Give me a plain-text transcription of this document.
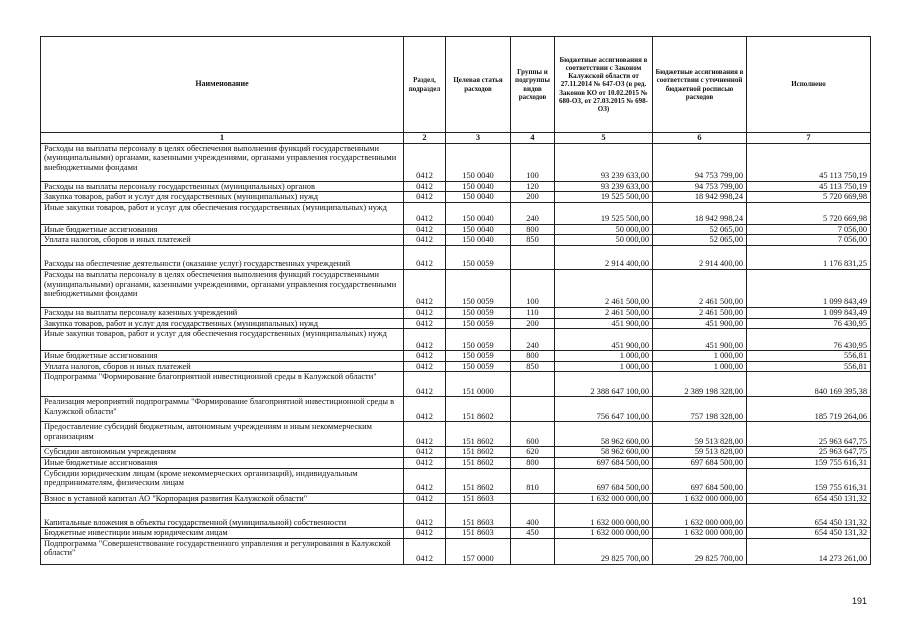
Наименование	Раздел, подраздел	Целевая статья расходов	Группы и подгруппы видов расходов	Бюджетные ассигнования в соответствии с Законом Калужской области от 27.11.2014 № 647-ОЗ (в ред. Законов КО от 10.02.2015 № 680-ОЗ, от 27.03.2015 № 698-ОЗ)	Бюджетные ассигнования в соответствии с уточненной бюджетной росписью расходов	Исполнено
1	2	3	4	5	6	7
Расходы на выплаты персоналу в целях обеспечения выполнения функций государственными (муниципальными) органами, казенными учреждениями, органами управления государственными внебюджетными фондами	0412	150 0040	100	93 239 633,00	94 753 799,00	45 113 750,19
Расходы на выплаты персоналу государственных (муниципальных) органов	0412	150 0040	120	93 239 633,00	94 753 799,00	45 113 750,19
Закупка товаров, работ и услуг для государственных (муниципальных) нужд	0412	150 0040	200	19 525 500,00	18 942 998,24	5 720 669,98
Иные закупки товаров, работ и услуг для обеспечения государственных (муниципальных) нужд	0412	150 0040	240	19 525 500,00	18 942 998,24	5 720 669,98
Иные бюджетные ассигнования	0412	150 0040	800	50 000,00	52 065,00	7 056,00
Уплата налогов, сборов и иных платежей	0412	150 0040	850	50 000,00	52 065,00	7 056,00
Расходы на обеспечение деятельности (оказание услуг) государственных учреждений	0412	150 0059		2 914 400,00	2 914 400,00	1 176 831,25
Расходы на выплаты персоналу в целях обеспечения выполнения функций государственными (муниципальными) органами, казенными учреждениями, органами управления государственными внебюджетными фондами	0412	150 0059	100	2 461 500,00	2 461 500,00	1 099 843,49
Расходы на выплаты персоналу казенных учреждений	0412	150 0059	110	2 461 500,00	2 461 500,00	1 099 843,49
Закупка товаров, работ и услуг для государственных (муниципальных) нужд	0412	150 0059	200	451 900,00	451 900,00	76 430,95
Иные закупки товаров, работ и услуг для обеспечения государственных (муниципальных) нужд	0412	150 0059	240	451 900,00	451 900,00	76 430,95
Иные бюджетные ассигнования	0412	150 0059	800	1 000,00	1 000,00	556,81
Уплата налогов, сборов и иных платежей	0412	150 0059	850	1 000,00	1 000,00	556,81
Подпрограмма "Формирование благоприятной инвестиционной среды в Калужской области"	0412	151 0000		2 388 647 100,00	2 389 198 328,00	840 169 395,38
Реализация мероприятий подпрограммы "Формирование благоприятной инвестиционной среды в Калужской области"	0412	151 8602		756 647 100,00	757 198 328,00	185 719 264,06
Предоставление субсидий бюджетным, автономным учреждениям и иным некоммерческим организациям	0412	151 8602	600	58 962 600,00	59 513 828,00	25 963 647,75
Субсидии автономным учреждениям	0412	151 8602	620	58 962 600,00	59 513 828,00	25 963 647,75
Иные бюджетные ассигнования	0412	151 8602	800	697 684 500,00	697 684 500,00	159 755 616,31
Субсидии юридическим лицам (кроме некоммерческих организаций), индивидуальным предпринимателям, физическим лицам	0412	151 8602	810	697 684 500,00	697 684 500,00	159 755 616,31
Взнос в уставной капитал АО "Корпорация развития Калужской области"	0412	151 8603		1 632 000 000,00	1 632 000 000,00	654 450 131,32
Капитальные вложения в объекты государственной (муниципальной) собственности	0412	151 8603	400	1 632 000 000,00	1 632 000 000,00	654 450 131,32
Бюджетные инвестиции иным юридическим лицам	0412	151 8603	450	1 632 000 000,00	1 632 000 000,00	654 450 131,32
Подпрограмма "Совершенствование государственного управления и регулирования в Калужской области"	0412	157 0000		29 825 700,00	29 825 700,00	14 273 261,00
191
